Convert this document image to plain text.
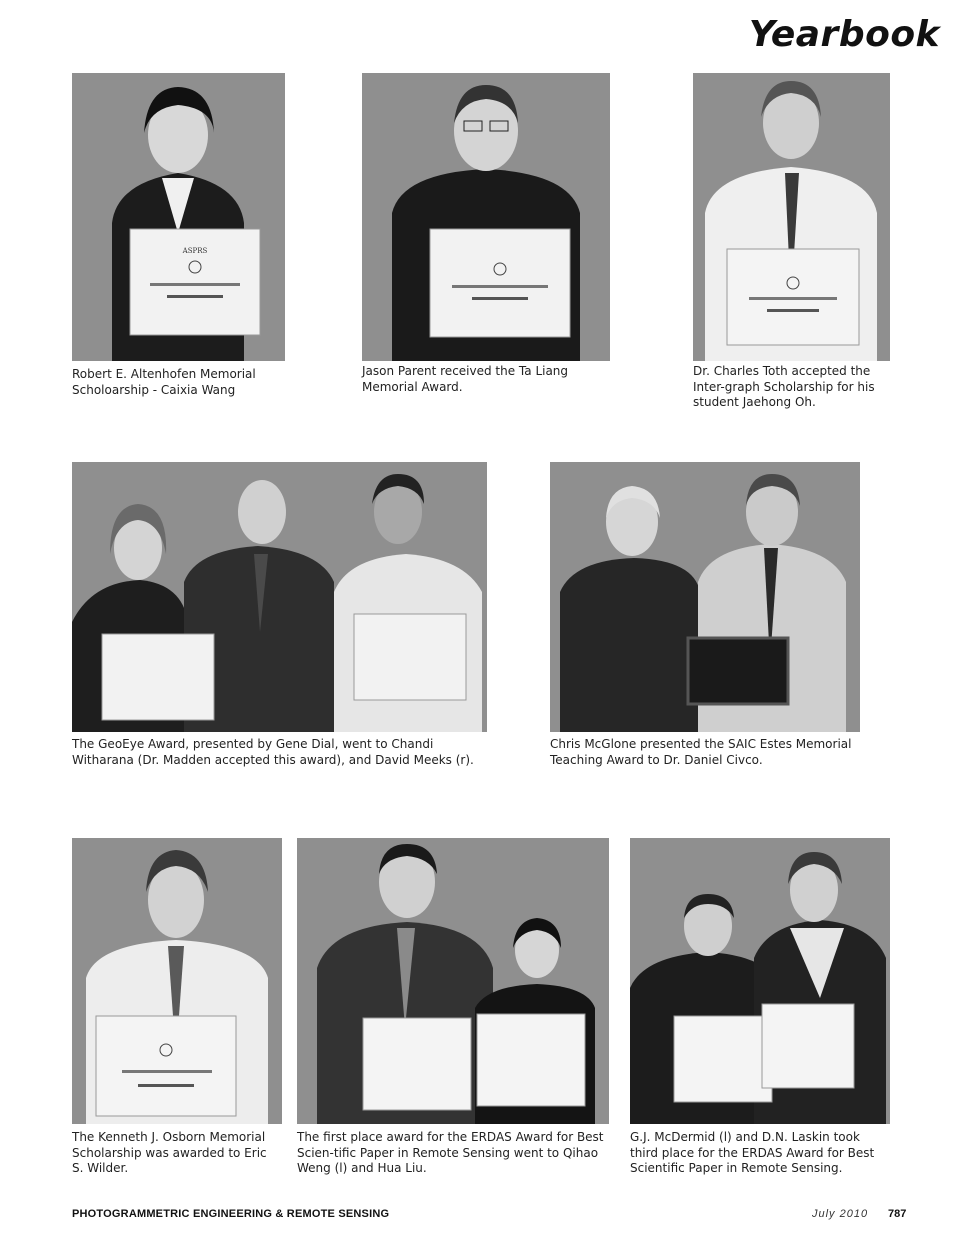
Yearbook
ASPRS
Robert E. Altenhofen Memorial Scholoarship - Caixia Wang
Jason Parent received the Ta Liang Memorial Award.
Dr. Charles Toth accepted the Inter-graph Scholarship for his student Jaehong Oh.
The GeoEye Award, presented by Gene Dial, went to Chandi Witharana (Dr. Madden accepted this award), and David Meeks (r).
Chris McGlone presented the SAIC Estes Memorial Teaching Award to Dr. Daniel Civco.
The Kenneth J. Osborn Memorial Scholarship was awarded to Eric S. Wilder.
The first place award for the ERDAS Award for Best Scien-tific Paper in Remote Sensing went to Qihao Weng (l) and Hua Liu.
G.J. McDermid (l) and D.N. Laskin took third place for the ERDAS Award for Best Scientific Paper in Remote Sensing.
PHOTOGRAMMETRIC ENGINEERING & REMOTE SENSING	July 2010 787
